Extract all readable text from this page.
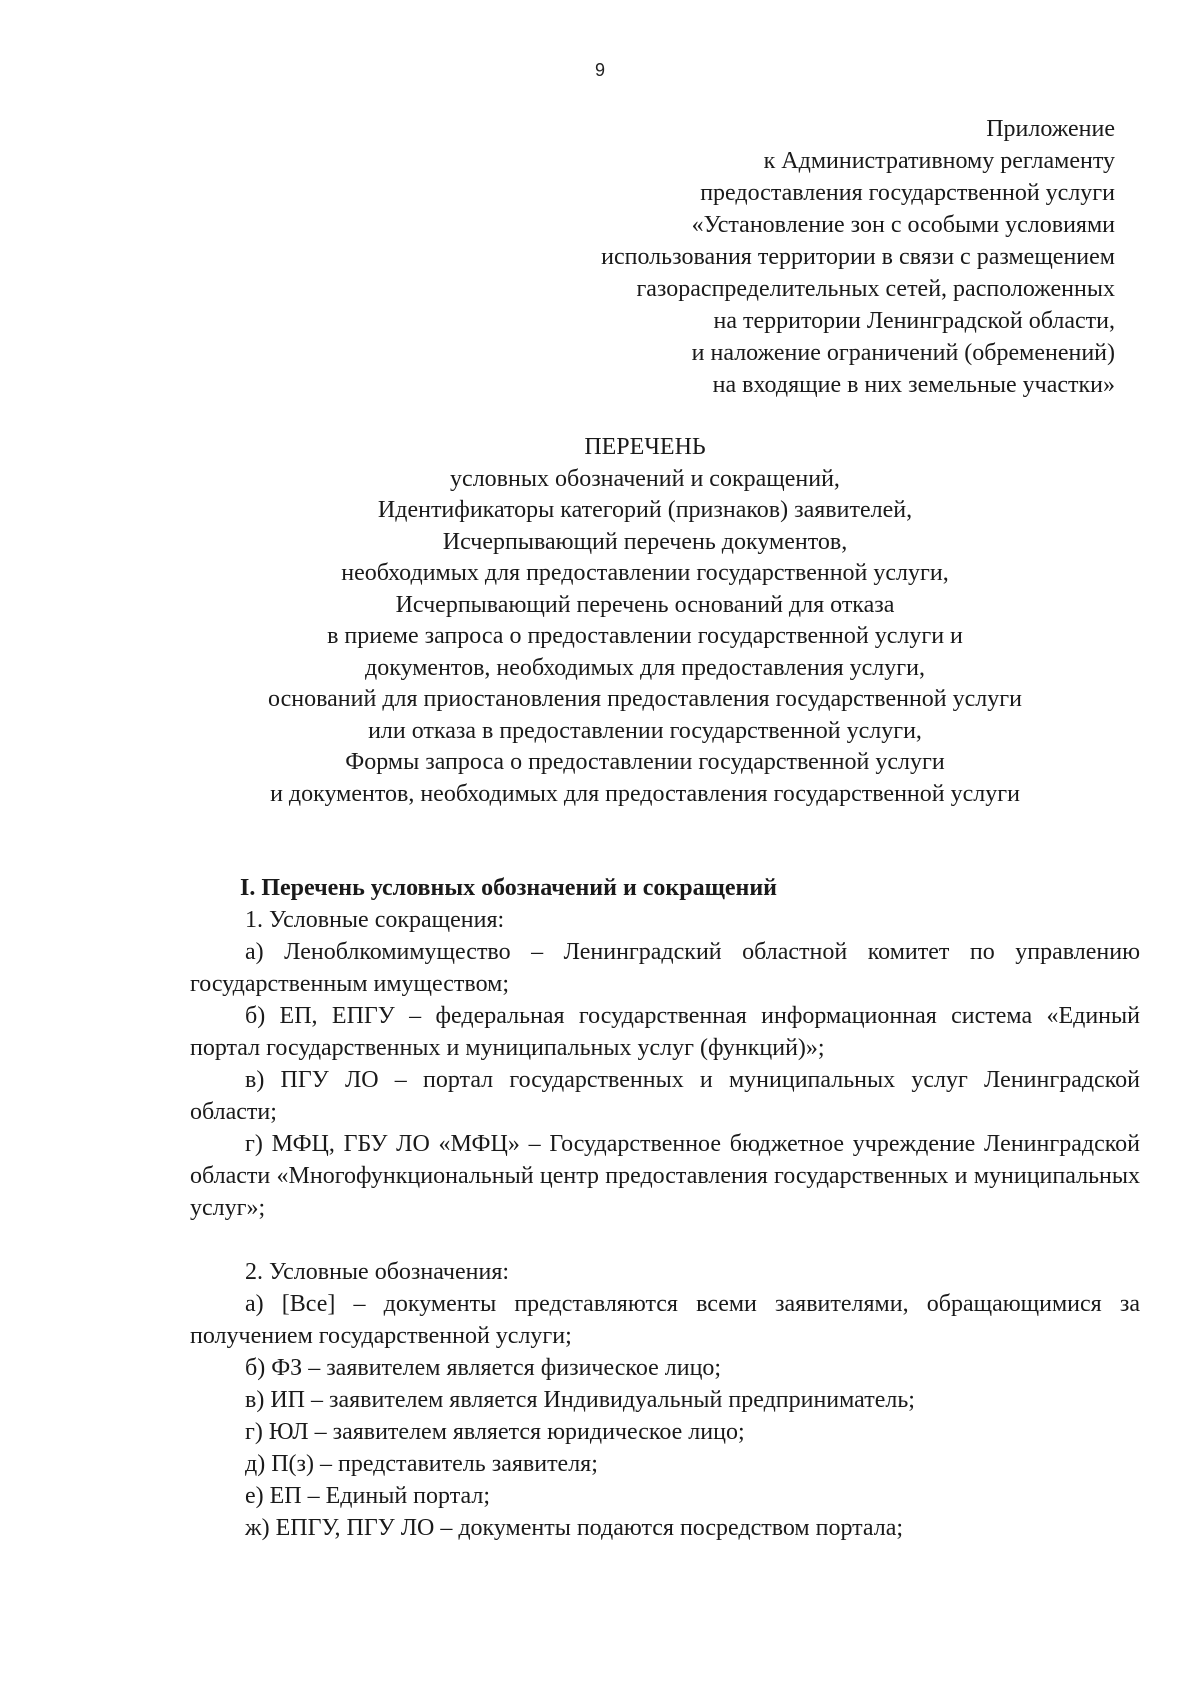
9
Приложение
к Административному регламенту
предоставления государственной услуги
«Установление зон с особыми условиями
использования территории в связи с размещением
газораспределительных сетей, расположенных
на территории Ленинградской области,
и наложение ограничений (обременений)
на входящие в них земельные участки»
ПЕРЕЧЕНЬ
условных обозначений и сокращений,
Идентификаторы категорий (признаков) заявителей,
Исчерпывающий перечень документов,
необходимых для предоставлении государственной услуги,
Исчерпывающий перечень оснований для отказа
в приеме запроса о предоставлении государственной услуги и
документов, необходимых для предоставления услуги,
оснований для приостановления предоставления государственной услуги
или отказа в предоставлении государственной услуги,
Формы запроса о предоставлении государственной услуги
и документов, необходимых для предоставления государственной услуги
I. Перечень условных обозначений и сокращений
1. Условные сокращения:
а) Леноблкомимущество – Ленинградский областной комитет по управлению государственным имуществом;
б) ЕП, ЕПГУ – федеральная государственная информационная система «Единый портал государственных и муниципальных услуг (функций)»;
в) ПГУ ЛО – портал государственных и муниципальных услуг Ленинградской области;
г) МФЦ, ГБУ ЛО «МФЦ» – Государственное бюджетное учреждение Ленинградской области «Многофункциональный центр предоставления государственных и муниципальных услуг»;
2. Условные обозначения:
а) [Все] – документы представляются всеми заявителями, обращающимися за получением государственной услуги;
б) ФЗ – заявителем является физическое лицо;
в) ИП – заявителем является Индивидуальный предприниматель;
г) ЮЛ – заявителем является юридическое лицо;
д) П(з) – представитель заявителя;
е) ЕП – Единый портал;
ж) ЕПГУ, ПГУ ЛО – документы подаются посредством портала;
